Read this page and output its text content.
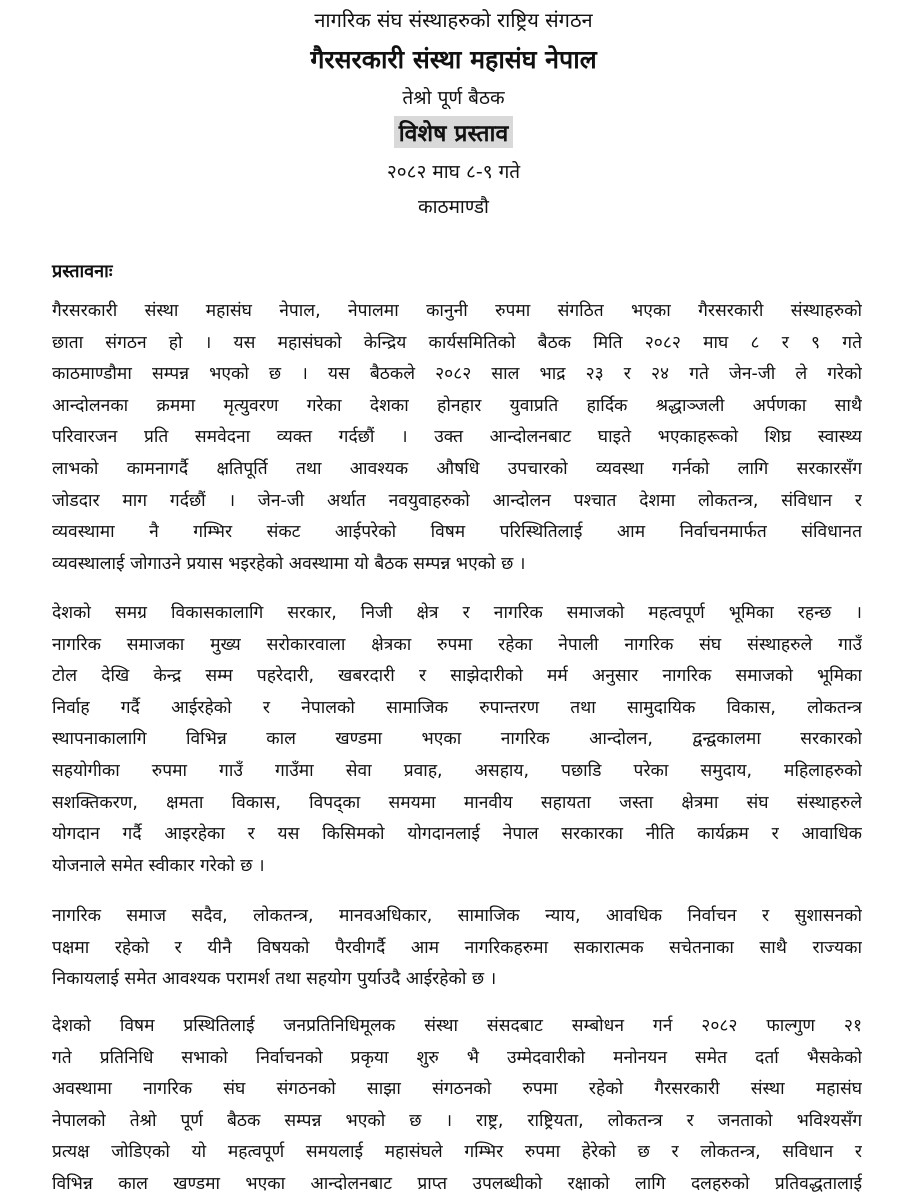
नागरिक संघ संस्थाहरुको राष्ट्रिय संगठन
गैरसरकारी संस्था महासंघ नेपाल
तेश्रो पूर्ण बैठक
विशेष प्रस्ताव
२०८२ माघ ८-९ गते
काठमाण्डौ
प्रस्तावनाः
गैरसरकारी संस्था महासंघ नेपाल, नेपालमा कानुनी रुपमा संगठित भएका गैरसरकारी संस्थाहरुको
छाता संगठन हो । यस महासंघको केन्द्रिय कार्यसमितिको बैठक मिति २०८२ माघ ८ र ९ गते
काठमाण्डौमा सम्पन्न भएको छ । यस बैठकले २०८२ साल भाद्र २३ र २४ गते जेन-जी ले गरेको
आन्दोलनका क्रममा मृत्युवरण गरेका देशका होनहार युवाप्रति हार्दिक श्रद्धाञ्जली अर्पणका साथै
परिवारजन प्रति समवेदना व्यक्त गर्दछौं । उक्त आन्दोलनबाट घाइते भएकाहरूको शिघ्र स्वास्थ्य
लाभको कामनागर्दै क्षतिपूर्ति तथा आवश्यक औषधि उपचारको व्यवस्था गर्नको लागि सरकारसँग
जोडदार माग गर्दछौं । जेन-जी अर्थात नवयुवाहरुको आन्दोलन पश्चात देशमा लोकतन्त्र, संविधान र
व्यवस्थामा नै गम्भिर संकट आईपरेको विषम परिस्थितिलाई आम निर्वाचनमार्फत संविधानत
व्यवस्थालाई जोगाउने प्रयास भइरहेको अवस्थामा यो बैठक सम्पन्न भएको छ ।
देशको समग्र विकासकालागि सरकार, निजी क्षेत्र र नागरिक समाजको महत्वपूर्ण भूमिका रहन्छ ।
नागरिक समाजका मुख्य सरोकारवाला क्षेत्रका रुपमा रहेका नेपाली नागरिक संघ संस्थाहरुले गाउँ
टोल देखि केन्द्र सम्म पहरेदारी, खबरदारी र साझेदारीको मर्म अनुसार नागरिक समाजको भूमिका
निर्वाह गर्दै आईरहेको र नेपालको सामाजिक रुपान्तरण तथा सामुदायिक विकास, लोकतन्त्र
स्थापनाकालागि विभिन्न काल खण्डमा भएका नागरिक आन्दोलन, द्वन्द्वकालमा सरकारको
सहयोगीका रुपमा गाउँ गाउँमा सेवा प्रवाह, असहाय, पछाडि परेका समुदाय, महिलाहरुको
सशक्तिकरण, क्षमता विकास, विपद्का समयमा मानवीय सहायता जस्ता क्षेत्रमा संघ संस्थाहरुले
योगदान गर्दै आइरहेका र यस किसिमको योगदानलाई नेपाल सरकारका नीति कार्यक्रम र आवाधिक
योजनाले समेत स्वीकार गरेको छ ।
नागरिक समाज सदैव, लोकतन्त्र, मानवअधिकार, सामाजिक न्याय, आवधिक निर्वाचन र सुशासनको
पक्षमा रहेको र यीनै विषयको पैरवीगर्दै आम नागरिकहरुमा सकारात्मक सचेतनाका साथै राज्यका
निकायलाई समेत आवश्यक परामर्श तथा सहयोग पुर्याउदै आईरहेको छ ।
देशको विषम प्रस्थितिलाई जनप्रतिनिधिमूलक संस्था संसदबाट सम्बोधन गर्न २०८२ फाल्गुण २१
गते प्रतिनिधि सभाको निर्वाचनको प्रकृया शुरु भै उम्मेदवारीको मनोनयन समेत दर्ता भैसकेको
अवस्थामा नागरिक संघ संगठनको साझा संगठनको रुपमा रहेको गैरसरकारी संस्था महासंघ
नेपालको तेश्रो पूर्ण बैठक सम्पन्न भएको छ । राष्ट्र, राष्ट्रियता, लोकतन्त्र र जनताको भविश्यसँग
प्रत्यक्ष जोडिएको यो महत्वपूर्ण समयलाई महासंघले गम्भिर रुपमा हेरेको छ र लोकतन्त्र, सविधान र
विभिन्न काल खण्डमा भएका आन्दोलनबाट प्राप्त उपलब्धीको रक्षाको लागि दलहरुको प्रतिवद्धतालाई
